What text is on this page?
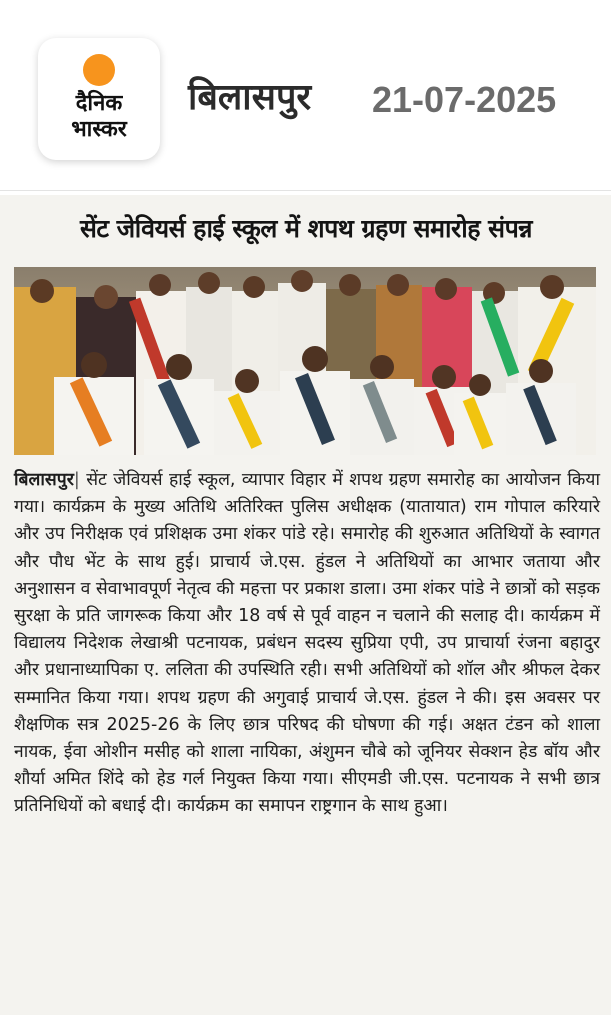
दैनिक
भास्कर
बिलासपुर 21-07-2025
सेंट जेवियर्स हाई स्कूल में शपथ ग्रहण समारोह संपन्न
बिलासपुर| सेंट जेवियर्स हाई स्कूल, व्यापार विहार में शपथ ग्रहण समारोह का आयोजन किया गया। कार्यक्रम के मुख्य अतिथि अतिरिक्त पुलिस अधीक्षक (यातायात) राम गोपाल करियारे और उप निरीक्षक एवं प्रशिक्षक उमा शंकर पांडे रहे। समारोह की शुरुआत अतिथियों के स्वागत और पौध भेंट के साथ हुई। प्राचार्य जे.एस. हुंडल ने अतिथियों का आभार जताया और अनुशासन व सेवाभावपूर्ण नेतृत्व की महत्ता पर प्रकाश डाला। उमा शंकर पांडे ने छात्रों को सड़क सुरक्षा के प्रति जागरूक किया और 18 वर्ष से पूर्व वाहन न चलाने की सलाह दी। कार्यक्रम में विद्यालय निदेशक लेखाश्री पटनायक, प्रबंधन सदस्य सुप्रिया एपी, उप प्राचार्या रंजना बहादुर और प्रधानाध्यापिका ए. ललिता की उपस्थिति रही। सभी अतिथियों को शॉल और श्रीफल देकर सम्मानित किया गया। शपथ ग्रहण की अगुवाई प्राचार्य जे.एस. हुंडल ने की। इस अवसर पर शैक्षणिक सत्र 2025-26 के लिए छात्र परिषद की घोषणा की गई। अक्षत टंडन को शाला नायक, ईवा ओशीन मसीह को शाला नायिका, अंशुमन चौबे को जूनियर सेक्शन हेड बॉय और शौर्या अमित शिंदे को हेड गर्ल नियुक्त किया गया। सीएमडी जी.एस. पटनायक ने सभी छात्र प्रतिनिधियों को बधाई दी। कार्यक्रम का समापन राष्ट्रगान के साथ हुआ।
